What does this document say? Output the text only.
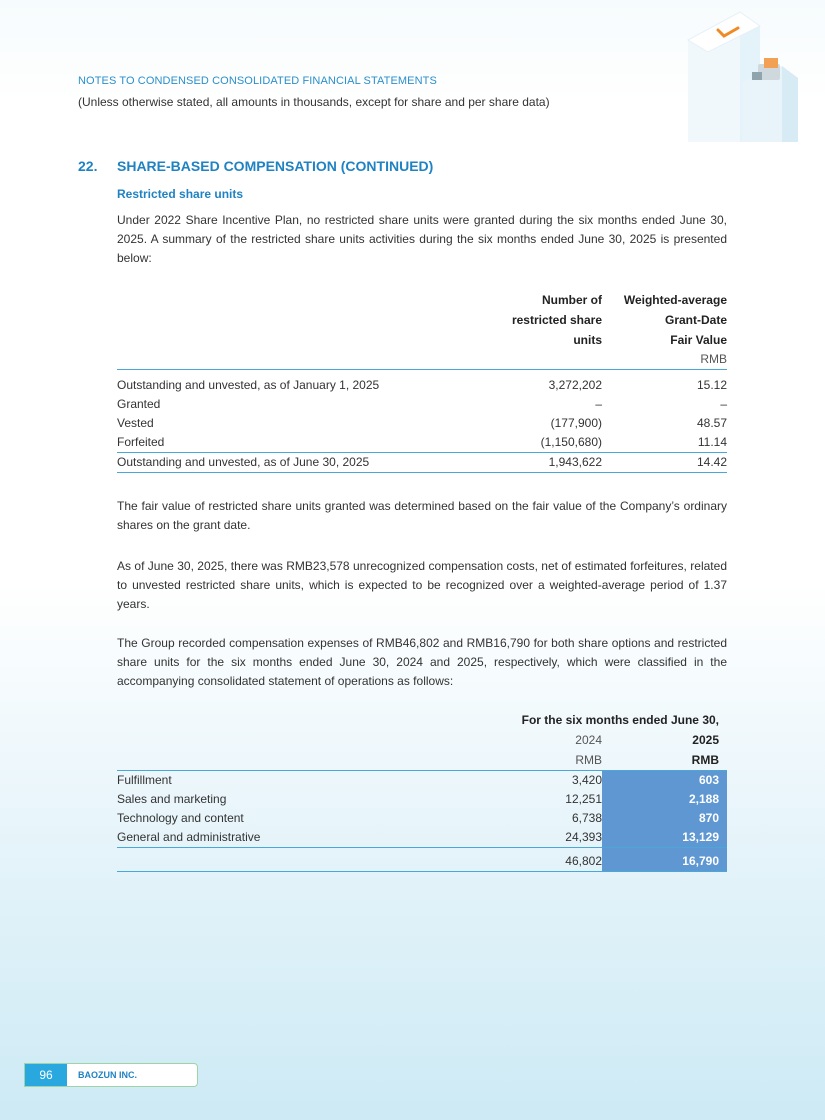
NOTES TO CONDENSED CONSOLIDATED FINANCIAL STATEMENTS
(Unless otherwise stated, all amounts in thousands, except for share and per share data)
22. SHARE-BASED COMPENSATION (CONTINUED)
Restricted share units

Under 2022 Share Incentive Plan, no restricted share units were granted during the six months ended June 30, 2025. A summary of the restricted share units activities during the six months ended June 30, 2025 is presented below:

	Number of	Weighted-average
	restricted share	Grant-Date
	units	Fair Value
		RMB

Outstanding and unvested, as of January 1, 2025	3,272,202	15.12
Granted	–	–
Vested	(177,900)	48.57
Forfeited	(1,150,680)	11.14
Outstanding and unvested, as of June 30, 2025	1,943,622	14.42

The fair value of restricted share units granted was determined based on the fair value of the Company’s ordinary shares on the grant date.

As of June 30, 2025, there was RMB23,578 unrecognized compensation costs, net of estimated forfeitures, related to unvested restricted share units, which is expected to be recognized over a weighted-average period of 1.37 years.

The Group recorded compensation expenses of RMB46,802 and RMB16,790 for both share options and restricted share units for the six months ended June 30, 2024 and 2025, respectively, which were classified in the accompanying consolidated statement of operations as follows:

	For the six months ended June 30,	
	2024	2025
	RMB	RMB
Fulfillment	3,420	603
Sales and marketing	12,251	2,188
Technology and content	6,738	870
General and administrative	24,393	13,129

	46,802	16,790
96	BAOZUN INC.
